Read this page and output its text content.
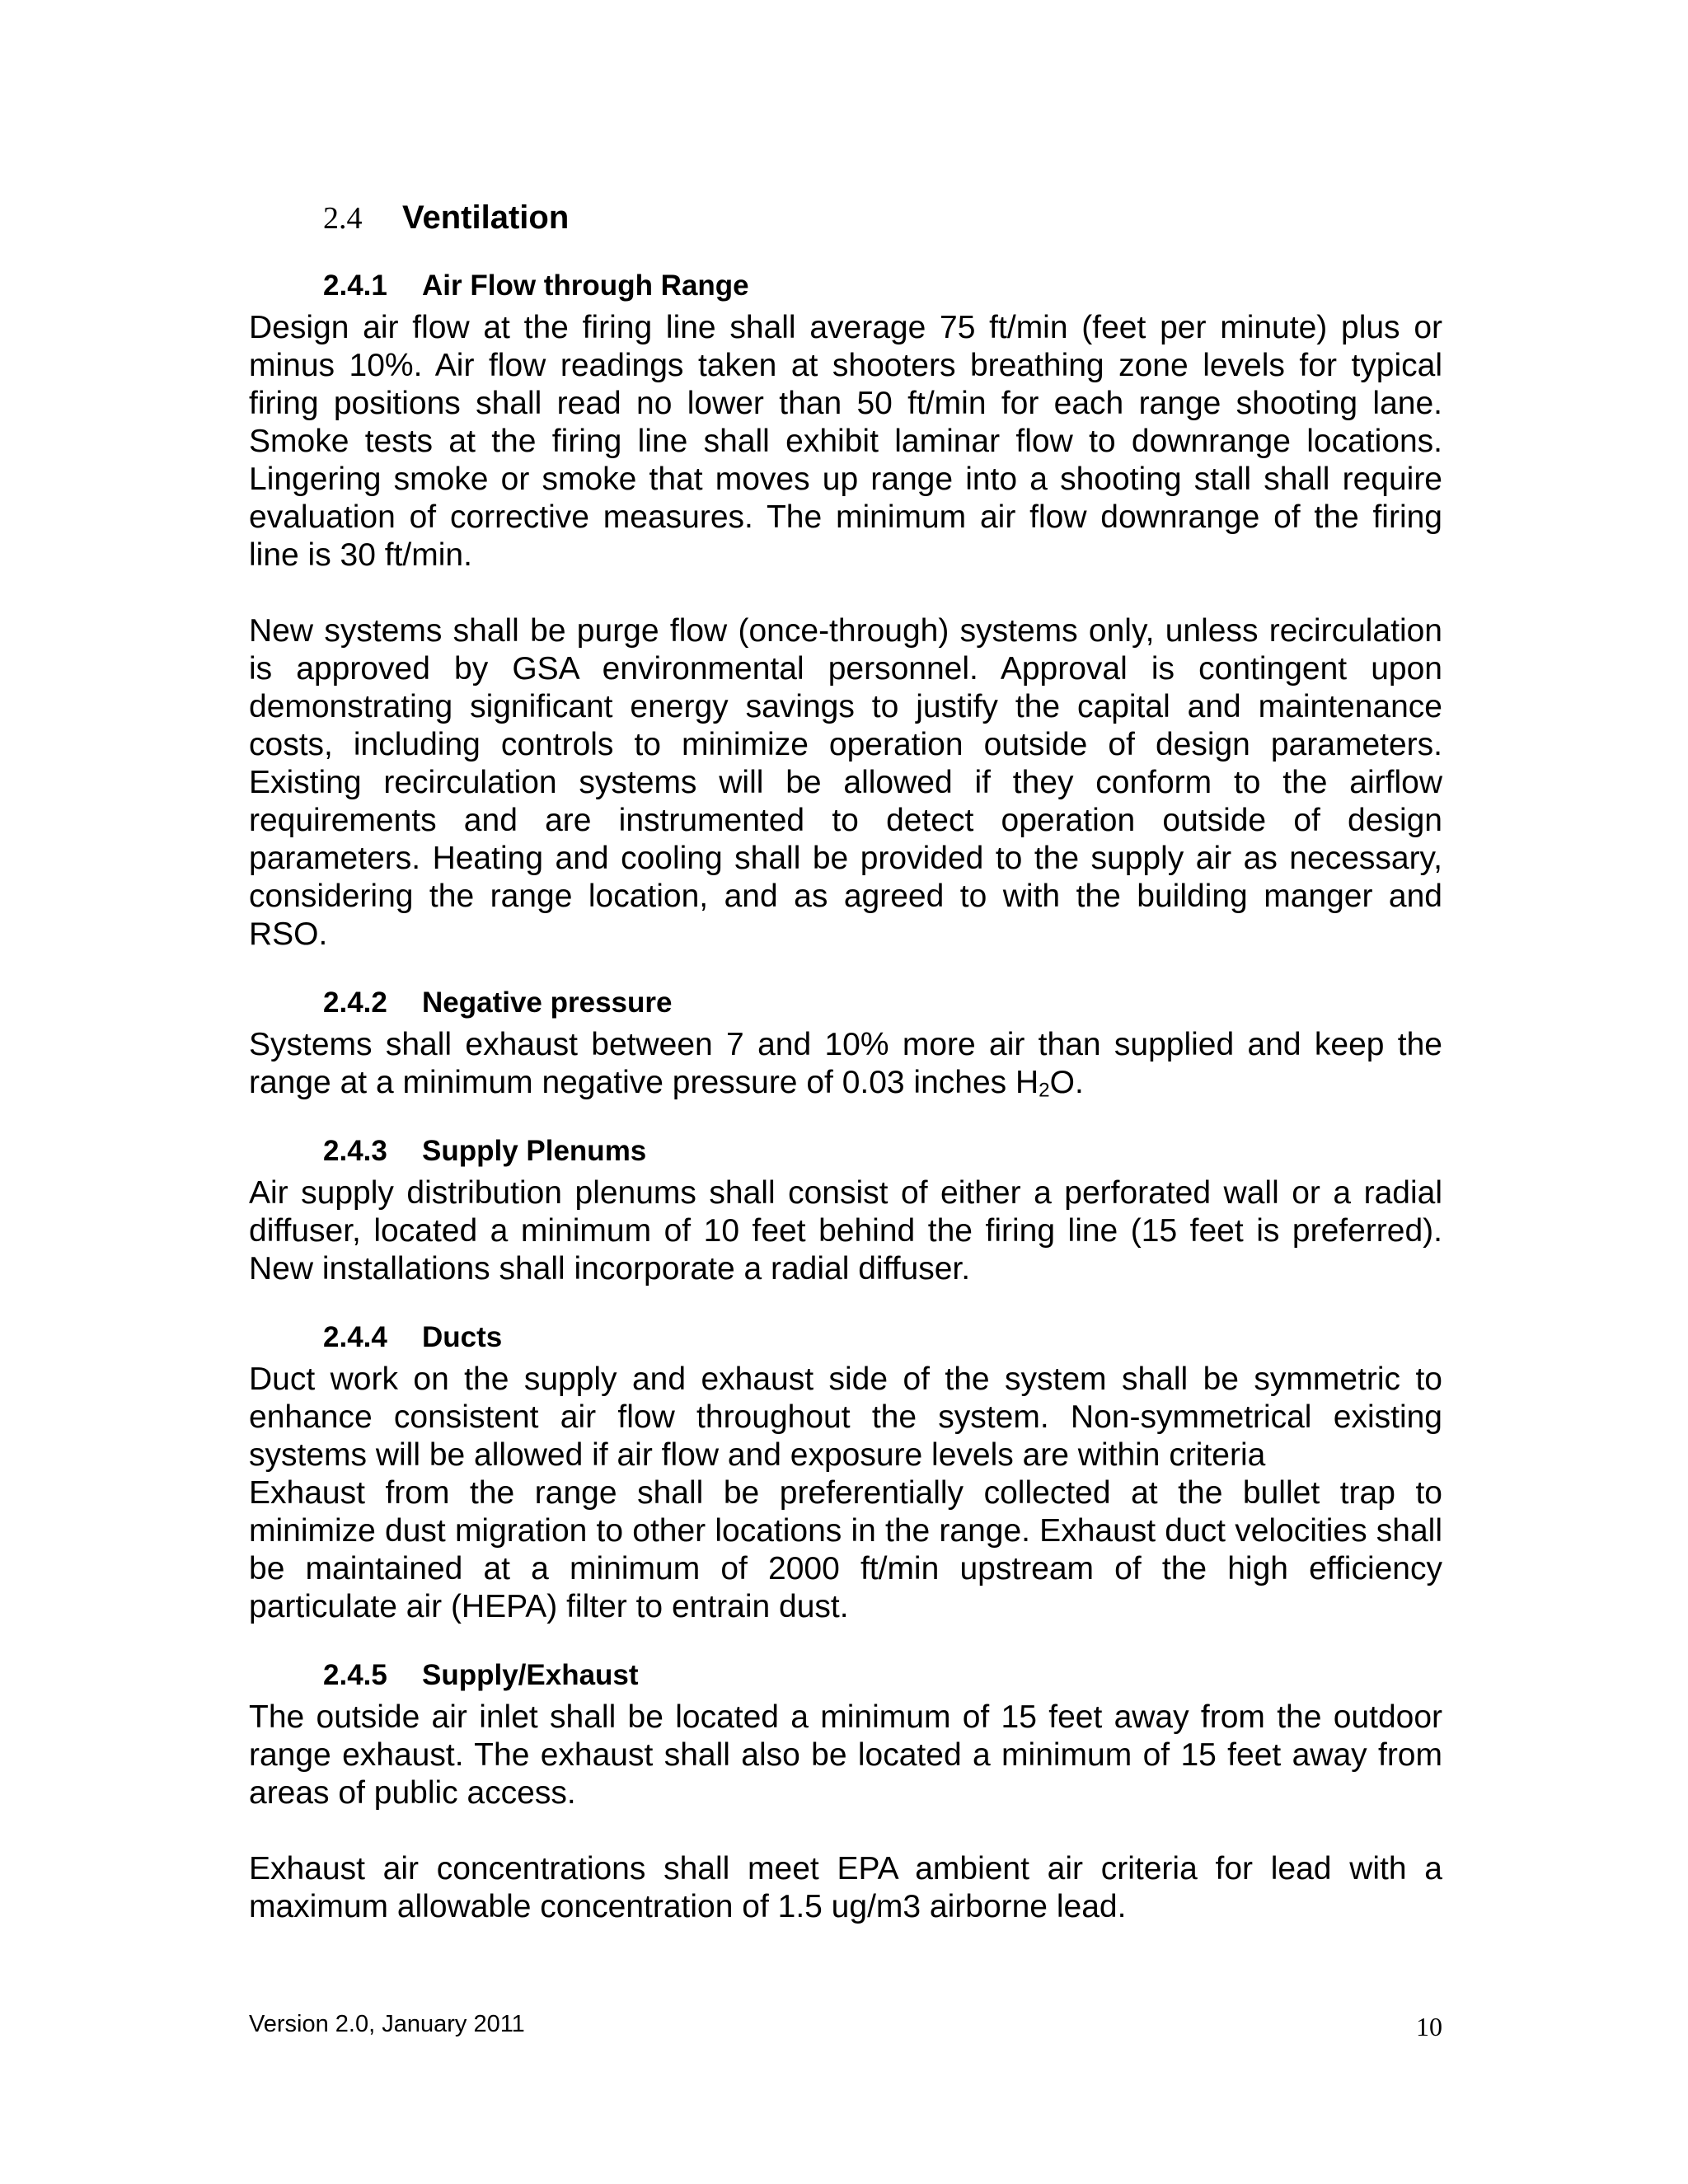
2.4 Ventilation
2.4.1 Air Flow through Range

Design air flow at the firing line shall average 75 ft/min (feet per minute) plus or minus 10%. Air flow readings taken at shooters breathing zone levels for typical firing positions shall read no lower than 50 ft/min for each range shooting lane. Smoke tests at the firing line shall exhibit laminar flow to downrange locations. Lingering smoke or smoke that moves up range into a shooting stall shall require evaluation of corrective measures. The minimum air flow downrange of the firing line is 30 ft/min.

New systems shall be purge flow (once-through) systems only, unless recirculation is approved by GSA environmental personnel. Approval is contingent upon demonstrating significant energy savings to justify the capital and maintenance costs, including controls to minimize operation outside of design parameters. Existing recirculation systems will be allowed if they conform to the airflow requirements and are instrumented to detect operation outside of design parameters. Heating and cooling shall be provided to the supply air as necessary, considering the range location, and as agreed to with the building manger and RSO.

2.4.2 Negative pressure

Systems shall exhaust between 7 and 10% more air than supplied and keep the range at a minimum negative pressure of 0.03 inches $H_2O$.

2.4.3 Supply Plenums

Air supply distribution plenums shall consist of either a perforated wall or a radial diffuser, located a minimum of 10 feet behind the firing line (15 feet is preferred). New installations shall incorporate a radial diffuser.

2.4.4 Ducts

Duct work on the supply and exhaust side of the system shall be symmetric to enhance consistent air flow throughout the system. Non-symmetrical existing systems will be allowed if air flow and exposure levels are within criteria

Exhaust from the range shall be preferentially collected at the bullet trap to minimize dust migration to other locations in the range. Exhaust duct velocities shall be maintained at a minimum of 2000 ft/min upstream of the high efficiency particulate air (HEPA) filter to entrain dust.

2.4.5 Supply/Exhaust

The outside air inlet shall be located a minimum of 15 feet away from the outdoor range exhaust. The exhaust shall also be located a minimum of 15 feet away from areas of public access.

Exhaust air concentrations shall meet EPA ambient air criteria for lead with a maximum allowable concentration of 1.5 ug/m3 airborne lead.

Version 2.0, January 2011	10
